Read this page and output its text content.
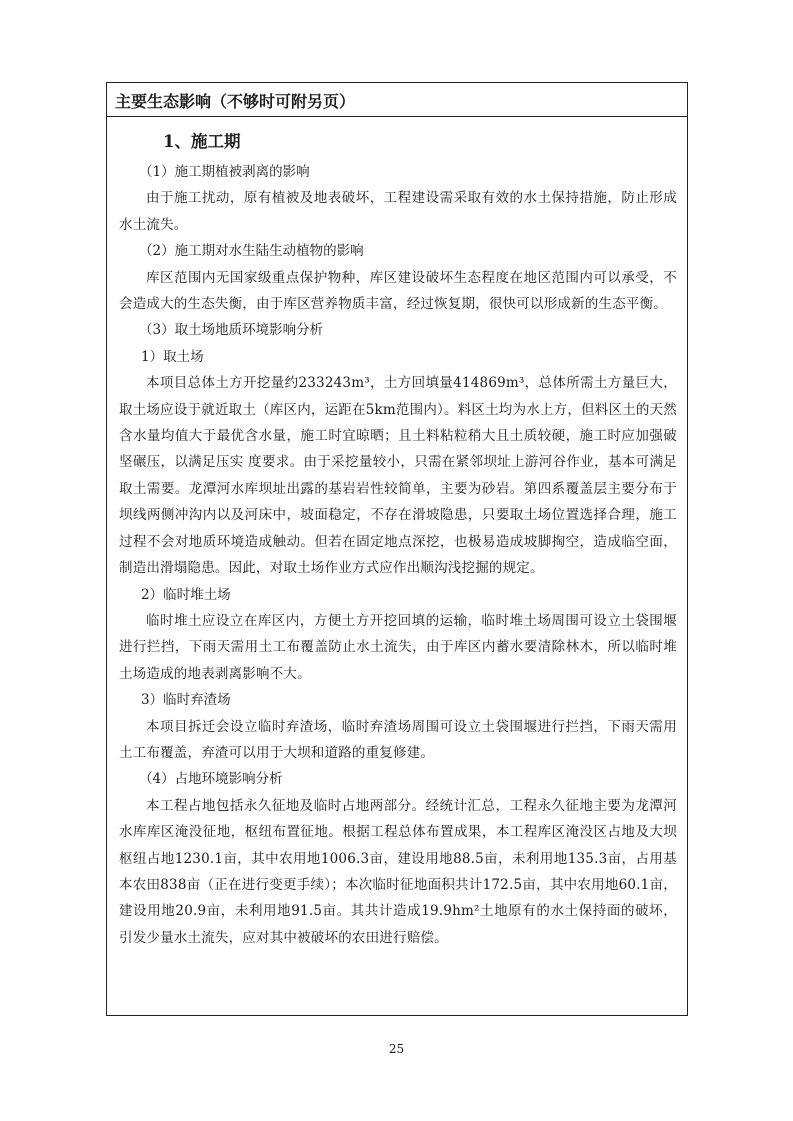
主要生态影响（不够时可附另页）

1、施工期

（1）施工期植被剥离的影响

由于施工扰动，原有植被及地表破坏，工程建设需采取有效的水土保持措施，防止形成水土流失。

（2）施工期对水生陆生动植物的影响

库区范围内无国家级重点保护物种，库区建设破坏生态程度在地区范围内可以承受，不会造成大的生态失衡，由于库区营养物质丰富，经过恢复期，很快可以形成新的生态平衡。

（3）取土场地质环境影响分析

1）取土场

本项目总体土方开挖量约233243m³，土方回填量414869m³，总体所需土方量巨大，取土场应设于就近取土（库区内，运距在5km范围内）。料区土均为水上方，但料区土的天然含水量均值大于最优含水量，施工时宜晾晒；且土料粘粒稍大且土质较硬，施工时应加强破坚碾压，以满足压实 度要求。由于采挖量较小，只需在紧邻坝址上游河谷作业，基本可满足取土需要。龙潭河水库坝址出露的基岩岩性较简单，主要为砂岩。第四系覆盖层主要分布于坝线两侧冲沟内以及河床中，坡面稳定，不存在滑坡隐患，只要取土场位置选择合理，施工过程不会对地质环境造成触动。但若在固定地点深挖，也极易造成坡脚掏空，造成临空面，制造出滑塌隐患。因此，对取土场作业方式应作出顺沟浅挖掘的规定。

2）临时堆土场

临时堆土应设立在库区内，方便土方开挖回填的运输，临时堆土场周围可设立土袋围堰进行拦挡，下雨天需用土工布覆盖防止水土流失，由于库区内蓄水要清除林木，所以临时堆土场造成的地表剥离影响不大。

3）临时弃渣场

本项目拆迁会设立临时弃渣场，临时弃渣场周围可设立土袋围堰进行拦挡，下雨天需用土工布覆盖，弃渣可以用于大坝和道路的重复修建。

（4）占地环境影响分析

本工程占地包括永久征地及临时占地两部分。经统计汇总，工程永久征地主要为龙潭河水库库区淹没征地，枢纽布置征地。根据工程总体布置成果，本工程库区淹没区占地及大坝枢纽占地1230.1亩，其中农用地1006.3亩，建设用地88.5亩，未利用地135.3亩，占用基本农田838亩（正在进行变更手续）；本次临时征地面积共计172.5亩，其中农用地60.1亩，建设用地20.9亩，未利用地91.5亩。其共计造成19.9hm²土地原有的水土保持面的破坏，引发少量水土流失，应对其中被破坏的农田进行赔偿。

25
